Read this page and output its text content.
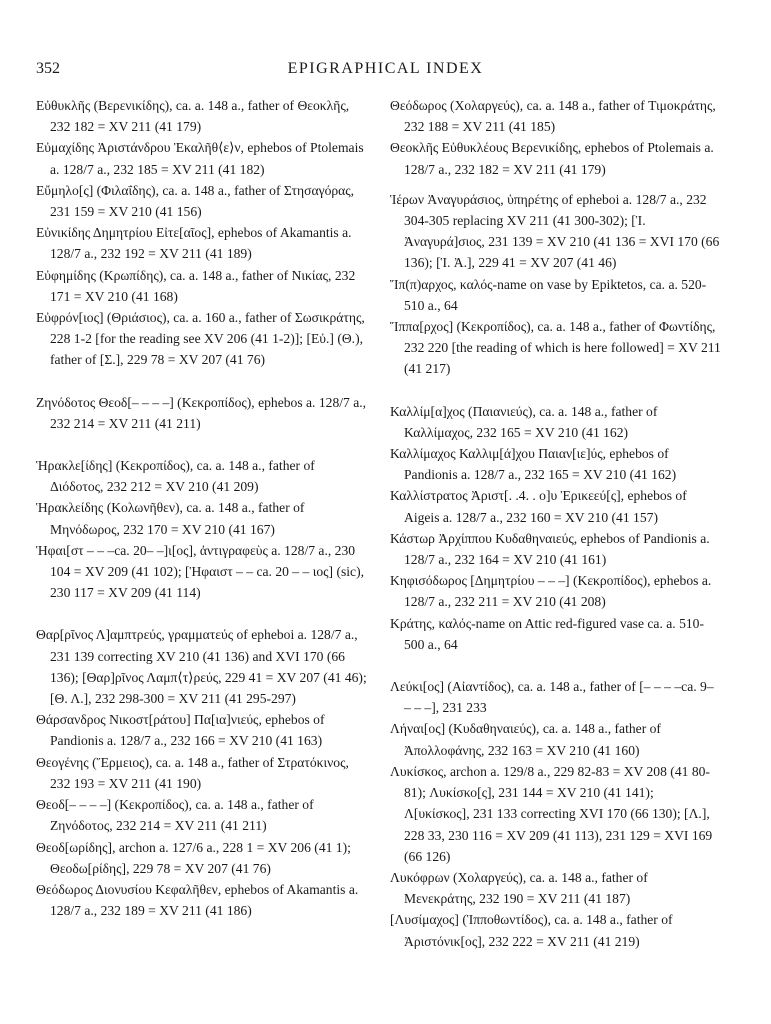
352	EPIGRAPHICAL INDEX

Εὐθυκλῆς (Βερενικίδης), ca. a. 148 a., father of Θεοκλῆς, 232 182 = XV 211 (41 179)

Εὐμαχίδης Ἀριστάνδρου Ἐκαλῆθ⟨ε⟩ν, ephebos of Ptolemais a. 128/7 a., 232 185 = XV 211 (41 182)

Εὔμηλο[ς] (Φιλαΐδης), ca. a. 148 a., father of Στησαγόρας, 231 159 = XV 210 (41 156)

Εὐνικίδης Δημητρίου Εἰτε[αῖος], ephebos of Akamantis a. 128/7 a., 232 192 = XV 211 (41 189)

Εὐφημίδης (Κρωπίδης), ca. a. 148 a., father of Νικίας, 232 171 = XV 210 (41 168)

Εὐφρόν[ιος] (Θριάσιος), ca. a. 160 a., father of Σωσικράτης, 228 1-2 [for the reading see XV 206 (41 1-2)]; [Εὐ.] (Θ.), father of [Σ.], 229 78 = XV 207 (41 76)

Ζηνόδοτος Θεοδ[– – – –] (Κεκροπίδος), ephebos a. 128/7 a., 232 214 = XV 211 (41 211)

Ἡρακλε[ίδης] (Κεκροπίδος), ca. a. 148 a., father of Διόδοτος, 232 212 = XV 210 (41 209)

Ἡρακλείδης (Κολωνῆθεν), ca. a. 148 a., father of Μηνόδωρος, 232 170 = XV 210 (41 167)

Ἡφαι[στ – – –ca. 20– –]ι[ος], ἀντιγραφεὺς a. 128/7 a., 230 104 = XV 209 (41 102); [Ἡφαιστ – – ca. 20 – – ιος] (sic), 230 117 = XV 209 (41 114)

Θαρ[ρῖνος Λ]αμπτρεύς, γραμματεύς of epheboi a. 128/7 a., 231 139 correcting XV 210 (41 136) and XVI 170 (66 136); [Θαρ]ρῖνος Λαμπ⟨τ⟩ρεύς, 229 41 = XV 207 (41 46); [Θ. Λ.], 232 298-300 = XV 211 (41 295-297)

Θάρσανδρος Νικοστ[ράτου] Πα[ια]νιεύς, ephebos of Pandionis a. 128/7 a., 232 166 = XV 210 (41 163)

Θεογένης (Ἕρμειος), ca. a. 148 a., father of Στρατόκινος, 232 193 = XV 211 (41 190)

Θεοδ[– – – –] (Κεκροπίδος), ca. a. 148 a., father of Ζηνόδοτος, 232 214 = XV 211 (41 211)

Θεοδ[ωρίδης], archon a. 127/6 a., 228 1 = XV 206 (41 1); Θεοδω[ρίδης], 229 78 = XV 207 (41 76)

Θεόδωρος Διονυσίου Κεφαλῆθεν, ephebos of Akamantis a. 128/7 a., 232 189 = XV 211 (41 186)

Θεόδωρος (Χολαργεύς), ca. a. 148 a., father of Τιμοκράτης, 232 188 = XV 211 (41 185)

Θεοκλῆς Εὐθυκλέους Βερενικίδης, ephebos of Ptolemais a. 128/7 a., 232 182 = XV 211 (41 179)

Ἱέρων Ἀναγυράσιος, ὑπηρέτης of epheboi a. 128/7 a., 232 304-305 replacing XV 211 (41 300-302); [Ἱ. Ἀναγυρά]σιος, 231 139 = XV 210 (41 136 = XVI 170 (66 136); [Ἱ. Ἀ.], 229 41 = XV 207 (41 46)

Ἵπ(π)αρχος, καλός-name on vase by Epiktetos, ca. a. 520-510 a., 64

Ἵππα[ρχος] (Κεκροπίδος), ca. a. 148 a., father of Φωντίδης, 232 220 [the reading of which is here followed] = XV 211 (41 217)

Καλλίμ[α]χος (Παιανιεύς), ca. a. 148 a., father of Καλλίμαχος, 232 165 = XV 210 (41 162)

Καλλίμαχος Καλλιμ[ά]χου Παιαν[ιε]ύς, ephebos of Pandionis a. 128/7 a., 232 165 = XV 210 (41 162)

Καλλίστρατος Ἀριστ[. .4. . ο]υ Ἐρικεεύ[ς], ephebos of Aigeis a. 128/7 a., 232 160 = XV 210 (41 157)

Κάστωρ Ἀρχίππου Κυδαθηναιεύς, ephebos of Pandionis a. 128/7 a., 232 164 = XV 210 (41 161)

Κηφισόδωρος [Δημητρίου – – –] (Κεκροπίδος), ephebos a. 128/7 a., 232 211 = XV 210 (41 208)

Κράτης, καλός-name on Attic red-figured vase ca. a. 510-500 a., 64

Λεύκι[ος] (Αἰαντίδος), ca. a. 148 a., father of [– – – –ca. 9– – – –], 231 233

Λήναι[ος] (Κυδαθηναιεύς), ca. a. 148 a., father of Ἀπολλοφάνης, 232 163 = XV 210 (41 160)

Λυκίσκος, archon a. 129/8 a., 229 82-83 = XV 208 (41 80-81); Λυκίσκο[ς], 231 144 = XV 210 (41 141); Λ[υκίσκος], 231 133 correcting XVI 170 (66 130); [Λ.], 228 33, 230 116 = XV 209 (41 113), 231 129 = XVI 169 (66 126)

Λυκόφρων (Χολαργεύς), ca. a. 148 a., father of Μενεκράτης, 232 190 = XV 211 (41 187)

[Λυσίμαχος] (Ἱπποθωντίδος), ca. a. 148 a., father of Ἀριστόνικ[ος], 232 222 = XV 211 (41 219)
